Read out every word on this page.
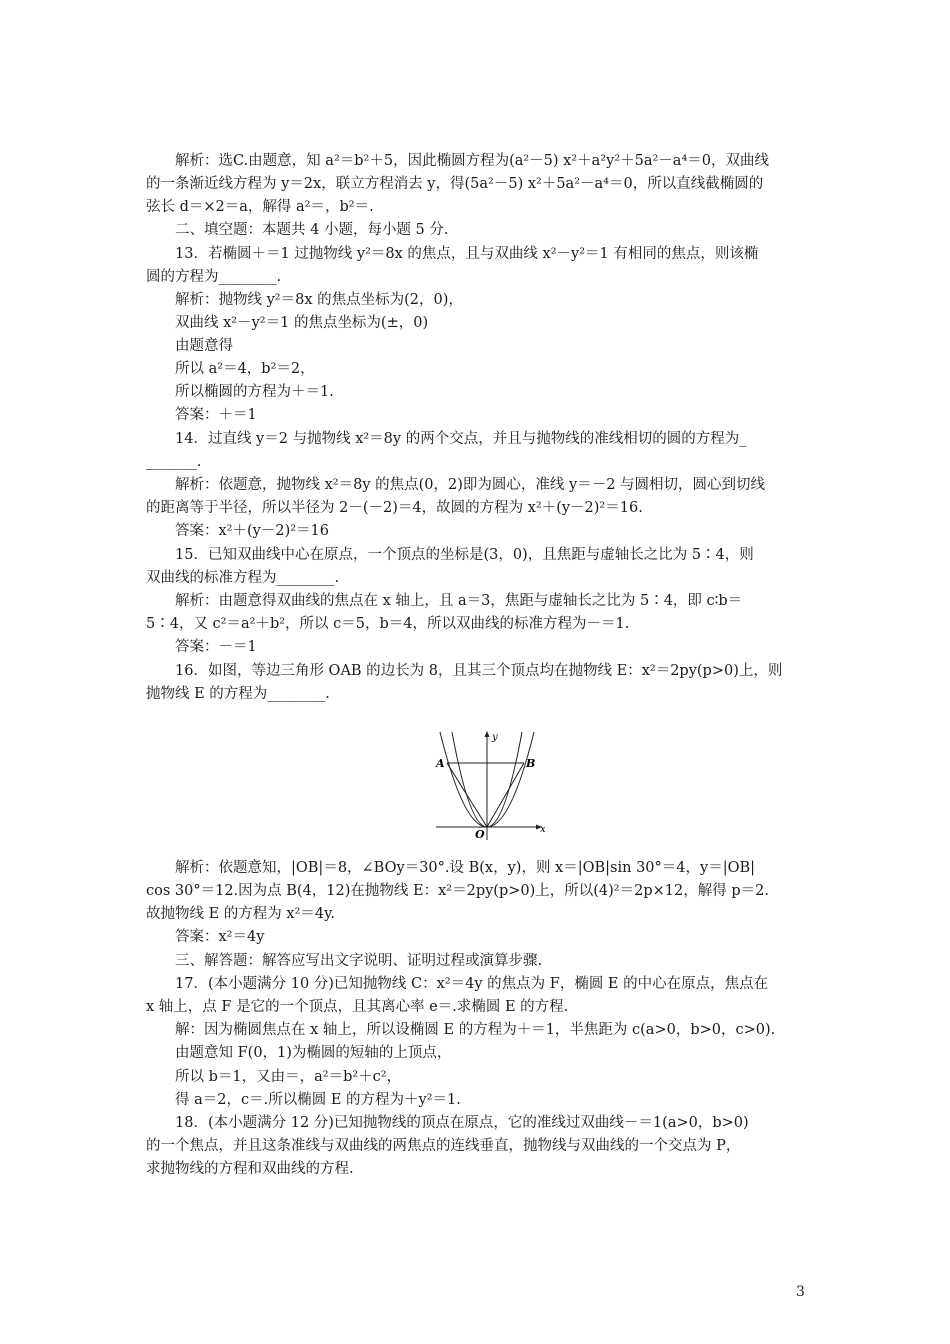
解析：选C.由题意，知 a²＝b²＋5，因此椭圆方程为(a²－5) x²＋a²y²＋5a²－a⁴＝0，双曲线
的一条渐近线方程为 y＝2x，联立方程消去 y，得(5a²－5) x²＋5a²－a⁴＝0，所以直线截椭圆的
弦长 d＝×2＝a，解得 a²＝，b²＝.
二、填空题：本题共 4 小题，每小题 5 分.
13．若椭圆＋＝1 过抛物线 y²＝8x 的焦点，且与双曲线 x²－y²＝1 有相同的焦点，则该椭
圆的方程为________.
解析：抛物线 y²＝8x 的焦点坐标为(2，0)，
双曲线 x²－y²＝1 的焦点坐标为(±，0)
由题意得
所以 a²＝4，b²＝2，
所以椭圆的方程为＋＝1.
答案：＋＝1
14．过直线 y＝2 与抛物线 x²＝8y 的两个交点，并且与抛物线的准线相切的圆的方程为_
_______.
解析：依题意，抛物线 x²＝8y 的焦点(0，2)即为圆心，准线 y＝－2 与圆相切，圆心到切线
的距离等于半径，所以半径为 2－(－2)＝4，故圆的方程为 x²＋(y－2)²＝16.
答案：x²＋(y－2)²＝16
15．已知双曲线中心在原点，一个顶点的坐标是(3，0)，且焦距与虚轴长之比为 5∶4，则
双曲线的标准方程为________.
解析：由题意得双曲线的焦点在 x 轴上，且 a＝3，焦距与虚轴长之比为 5∶4，即 c∶b＝
5∶4，又 c²＝a²＋b²，所以 c＝5，b＝4，所以双曲线的标准方程为－＝1.
答案：－＝1
16．如图，等边三角形 OAB 的边长为 8，且其三个顶点均在抛物线 E：x²＝2py(p>0)上，则
抛物线 E 的方程为________.
解析：依题意知，|OB|＝8，∠BOy＝30°.设 B(x，y)，则 x＝|OB|sin 30°＝4，y＝|OB|
cos 30°＝12.因为点 B(4，12)在抛物线 E：x²＝2py(p>0)上，所以(4)²＝2p×12，解得 p＝2.
故抛物线 E 的方程为 x²＝4y.
答案：x²＝4y
三、解答题：解答应写出文字说明、证明过程或演算步骤.
17．(本小题满分 10 分)已知抛物线 C：x²＝4y 的焦点为 F，椭圆 E 的中心在原点，焦点在
x 轴上，点 F 是它的一个顶点，且其离心率 e＝.求椭圆 E 的方程.
解：因为椭圆焦点在 x 轴上，所以设椭圆 E 的方程为＋＝1，半焦距为 c(a>0，b>0，c>0).
由题意知 F(0，1)为椭圆的短轴的上顶点，
所以 b＝1，又由＝，a²＝b²＋c²，
得 a＝2，c＝.所以椭圆 E 的方程为＋y²＝1.
18．(本小题满分 12 分)已知抛物线的顶点在原点，它的准线过双曲线－＝1(a>0，b>0)
的一个焦点，并且这条准线与双曲线的两焦点的连线垂直，抛物线与双曲线的一个交点为 P，
求抛物线的方程和双曲线的方程.
y
x
A	B
O
3
